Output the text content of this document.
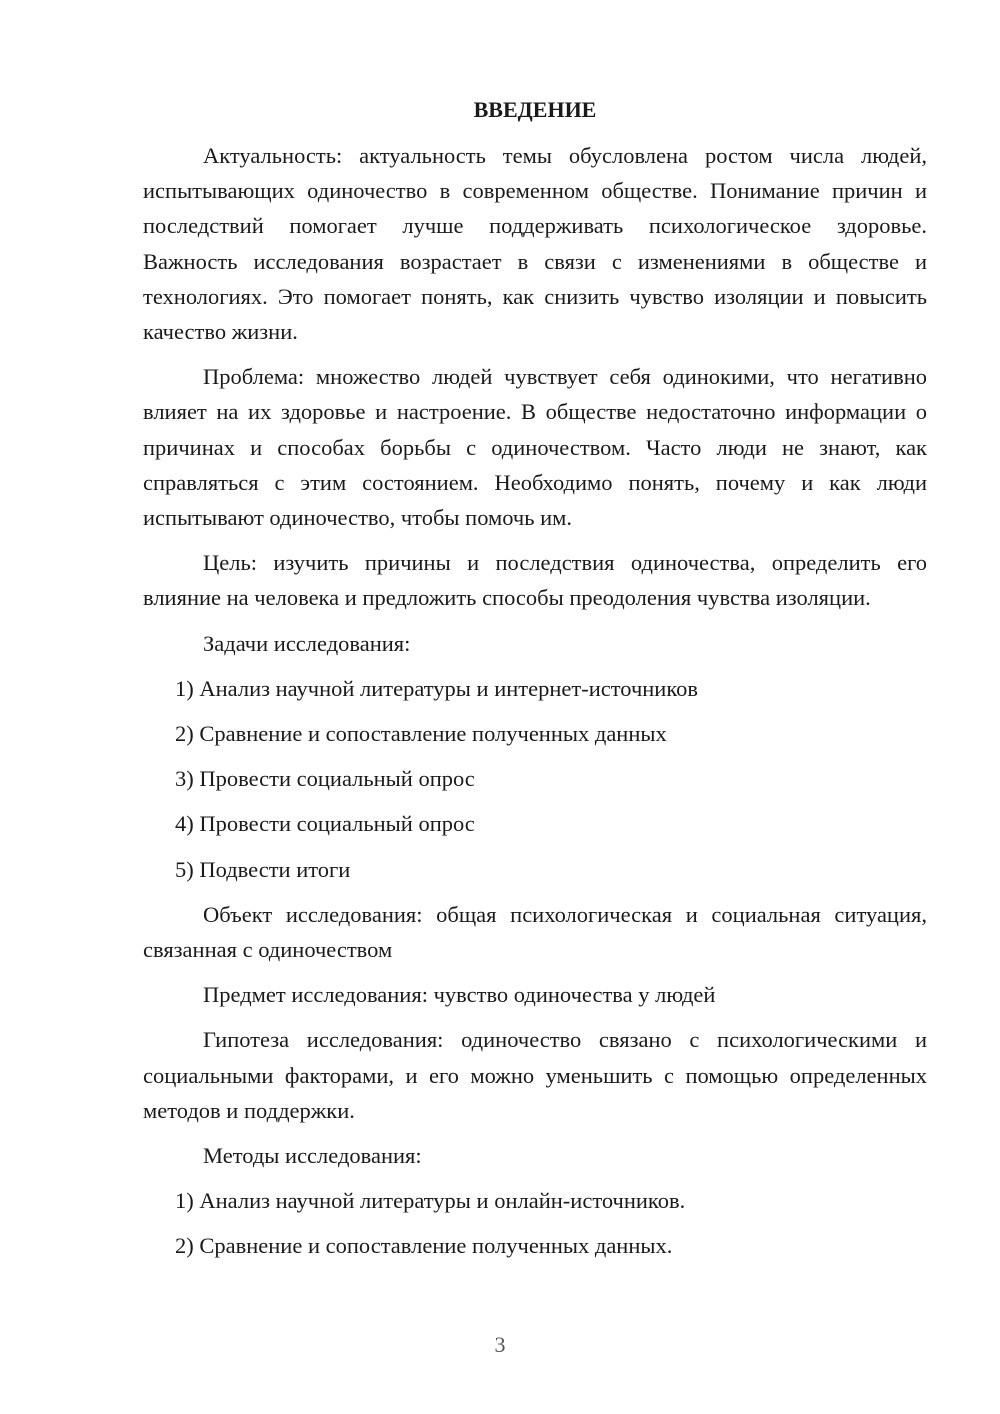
ВВЕДЕНИЕ

Актуальность: актуальность темы обусловлена ростом числа людей, испытывающих одиночество в современном обществе. Понимание причин и последствий помогает лучше поддерживать психологическое здоровье. Важность исследования возрастает в связи с изменениями в обществе и технологиях. Это помогает понять, как снизить чувство изоляции и повысить качество жизни.

Проблема: множество людей чувствует себя одинокими, что негативно влияет на их здоровье и настроение. В обществе недостаточно информации о причинах и способах борьбы с одиночеством. Часто люди не знают, как справляться с этим состоянием. Необходимо понять, почему и как люди испытывают одиночество, чтобы помочь им.

Цель: изучить причины и последствия одиночества, определить его влияние на человека и предложить способы преодоления чувства изоляции.

Задачи исследования:

1) Анализ научной литературы и интернет-источников
2) Сравнение и сопоставление полученных данных
3) Провести социальный опрос
4) Провести социальный опрос
5) Подвести итоги

Объект исследования: общая психологическая и социальная ситуация, связанная с одиночеством

Предмет исследования: чувство одиночества у людей

Гипотеза исследования: одиночество связано с психологическими и социальными факторами, и его можно уменьшить с помощью определенных методов и поддержки.

Методы исследования:

1) Анализ научной литературы и онлайн-источников.
2) Сравнение и сопоставление полученных данных.
3
